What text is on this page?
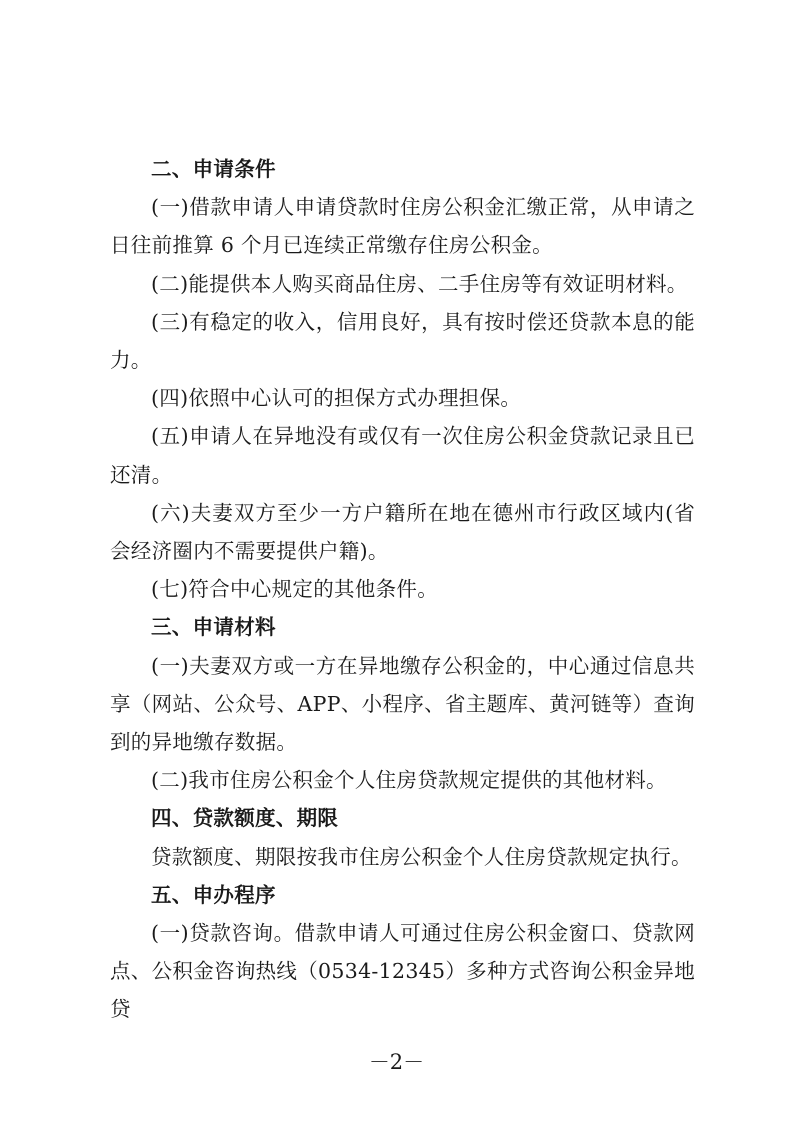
二、申请条件

(一)借款申请人申请贷款时住房公积金汇缴正常，从申请之日往前推算 6 个月已连续正常缴存住房公积金。

(二)能提供本人购买商品住房、二手住房等有效证明材料。

(三)有稳定的收入，信用良好，具有按时偿还贷款本息的能力。

(四)依照中心认可的担保方式办理担保。

(五)申请人在异地没有或仅有一次住房公积金贷款记录且已还清。

(六)夫妻双方至少一方户籍所在地在德州市行政区域内(省会经济圈内不需要提供户籍)。

(七)符合中心规定的其他条件。

三、申请材料

(一)夫妻双方或一方在异地缴存公积金的，中心通过信息共享（网站、公众号、APP、小程序、省主题库、黄河链等）查询到的异地缴存数据。

(二)我市住房公积金个人住房贷款规定提供的其他材料。

四、贷款额度、期限

贷款额度、期限按我市住房公积金个人住房贷款规定执行。

五、申办程序

(一)贷款咨询。借款申请人可通过住房公积金窗口、贷款网点、公积金咨询热线（0534-12345）多种方式咨询公积金异地贷

－2－
